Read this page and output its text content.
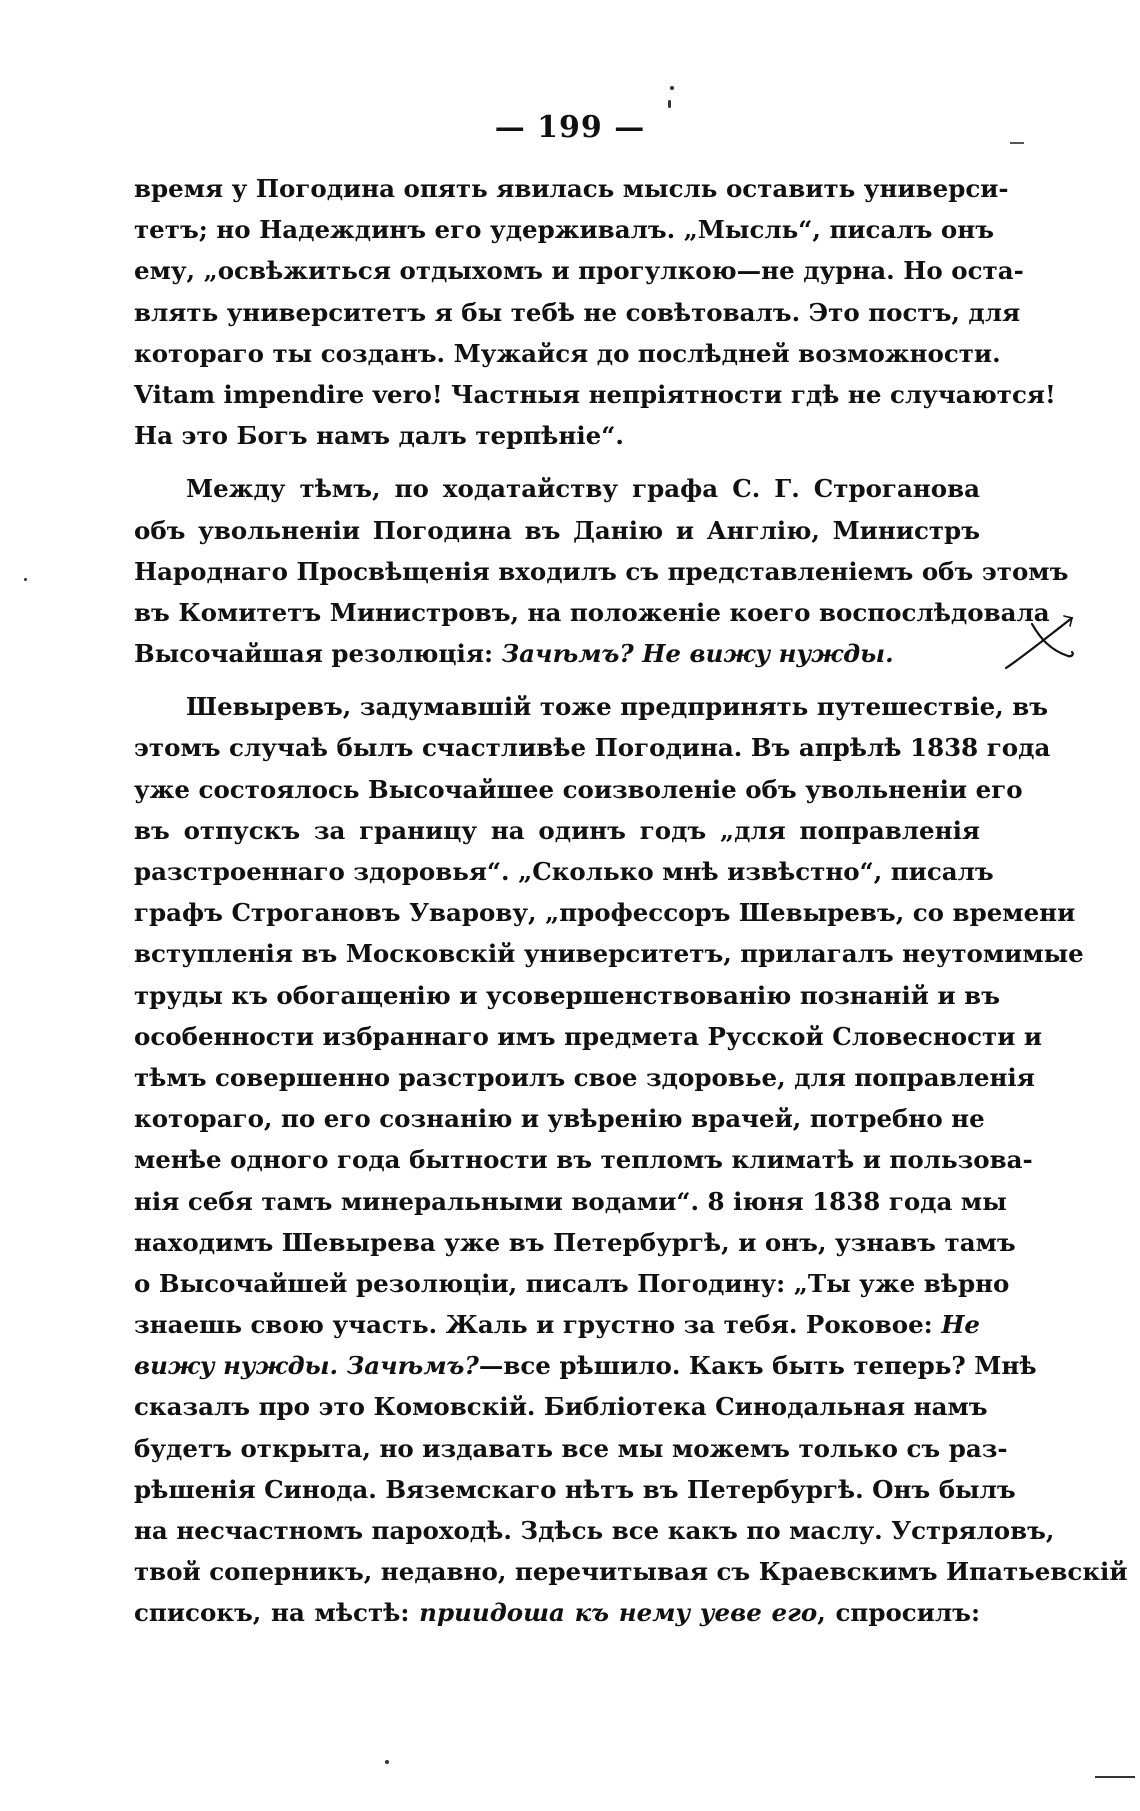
— 199 —
время у Погодина опять явилась мысль оставить универси-
тетъ; но Надеждинъ его удерживалъ. „Мысль“, писалъ онъ
ему, „освѣжиться отдыхомъ и прогулкою—не дурна. Но оста-
влять университетъ я бы тебѣ не совѣтовалъ. Это постъ, для
котораго ты созданъ. Мужайся до послѣдней возможности.
Vitam impendire vero! Частныя непріятности гдѣ не случаются!
На это Богъ намъ далъ терпѣніе“.
Между тѣмъ, по ходатайству графа С. Г. Строганова
объ увольненіи Погодина въ Данію и Англію, Министръ
Народнаго Просвѣщенія входилъ съ представленіемъ объ этомъ
въ Комитетъ Министровъ, на положеніе коего воспослѣдовала
Высочайшая резолюція: Зачѣмъ? Не вижу нужды.
Шевыревъ, задумавшій тоже предпринять путешествіе, въ
этомъ случаѣ былъ счастливѣе Погодина. Въ апрѣлѣ 1838 года
уже состоялось Высочайшее соизволеніе объ увольненіи его
въ отпускъ за границу на одинъ годъ „для поправленія
разстроеннаго здоровья“. „Сколько мнѣ извѣстно“, писалъ
графъ Строгановъ Уварову, „профессоръ Шевыревъ, со времени
вступленія въ Московскій университетъ, прилагалъ неутомимые
труды къ обогащенію и усовершенствованію познаній и въ
особенности избраннаго имъ предмета Русской Словесности и
тѣмъ совершенно разстроилъ свое здоровье, для поправленія
котораго, по его сознанію и увѣренію врачей, потребно не
менѣе одного года бытности въ тепломъ климатѣ и пользова-
нія себя тамъ минеральными водами“. 8 іюня 1838 года мы
находимъ Шевырева уже въ Петербургѣ, и онъ, узнавъ тамъ
о Высочайшей резолюціи, писалъ Погодину: „Ты уже вѣрно
знаешь свою участь. Жаль и грустно за тебя. Роковое: Не
вижу нужды. Зачѣмъ?—все рѣшило. Какъ быть теперь? Мнѣ
сказалъ про это Комовскій. Библіотека Синодальная намъ
будетъ открыта, но издавать все мы можемъ только съ раз-
рѣшенія Синода. Вяземскаго нѣтъ въ Петербургѣ. Онъ былъ
на несчастномъ пароходѣ. Здѣсь все какъ по маслу. Устряловъ,
твой соперникъ, недавно, перечитывая съ Краевскимъ Ипатьевскій
списокъ, на мѣстѣ: приидоша къ нему уеве его, спросилъ:
